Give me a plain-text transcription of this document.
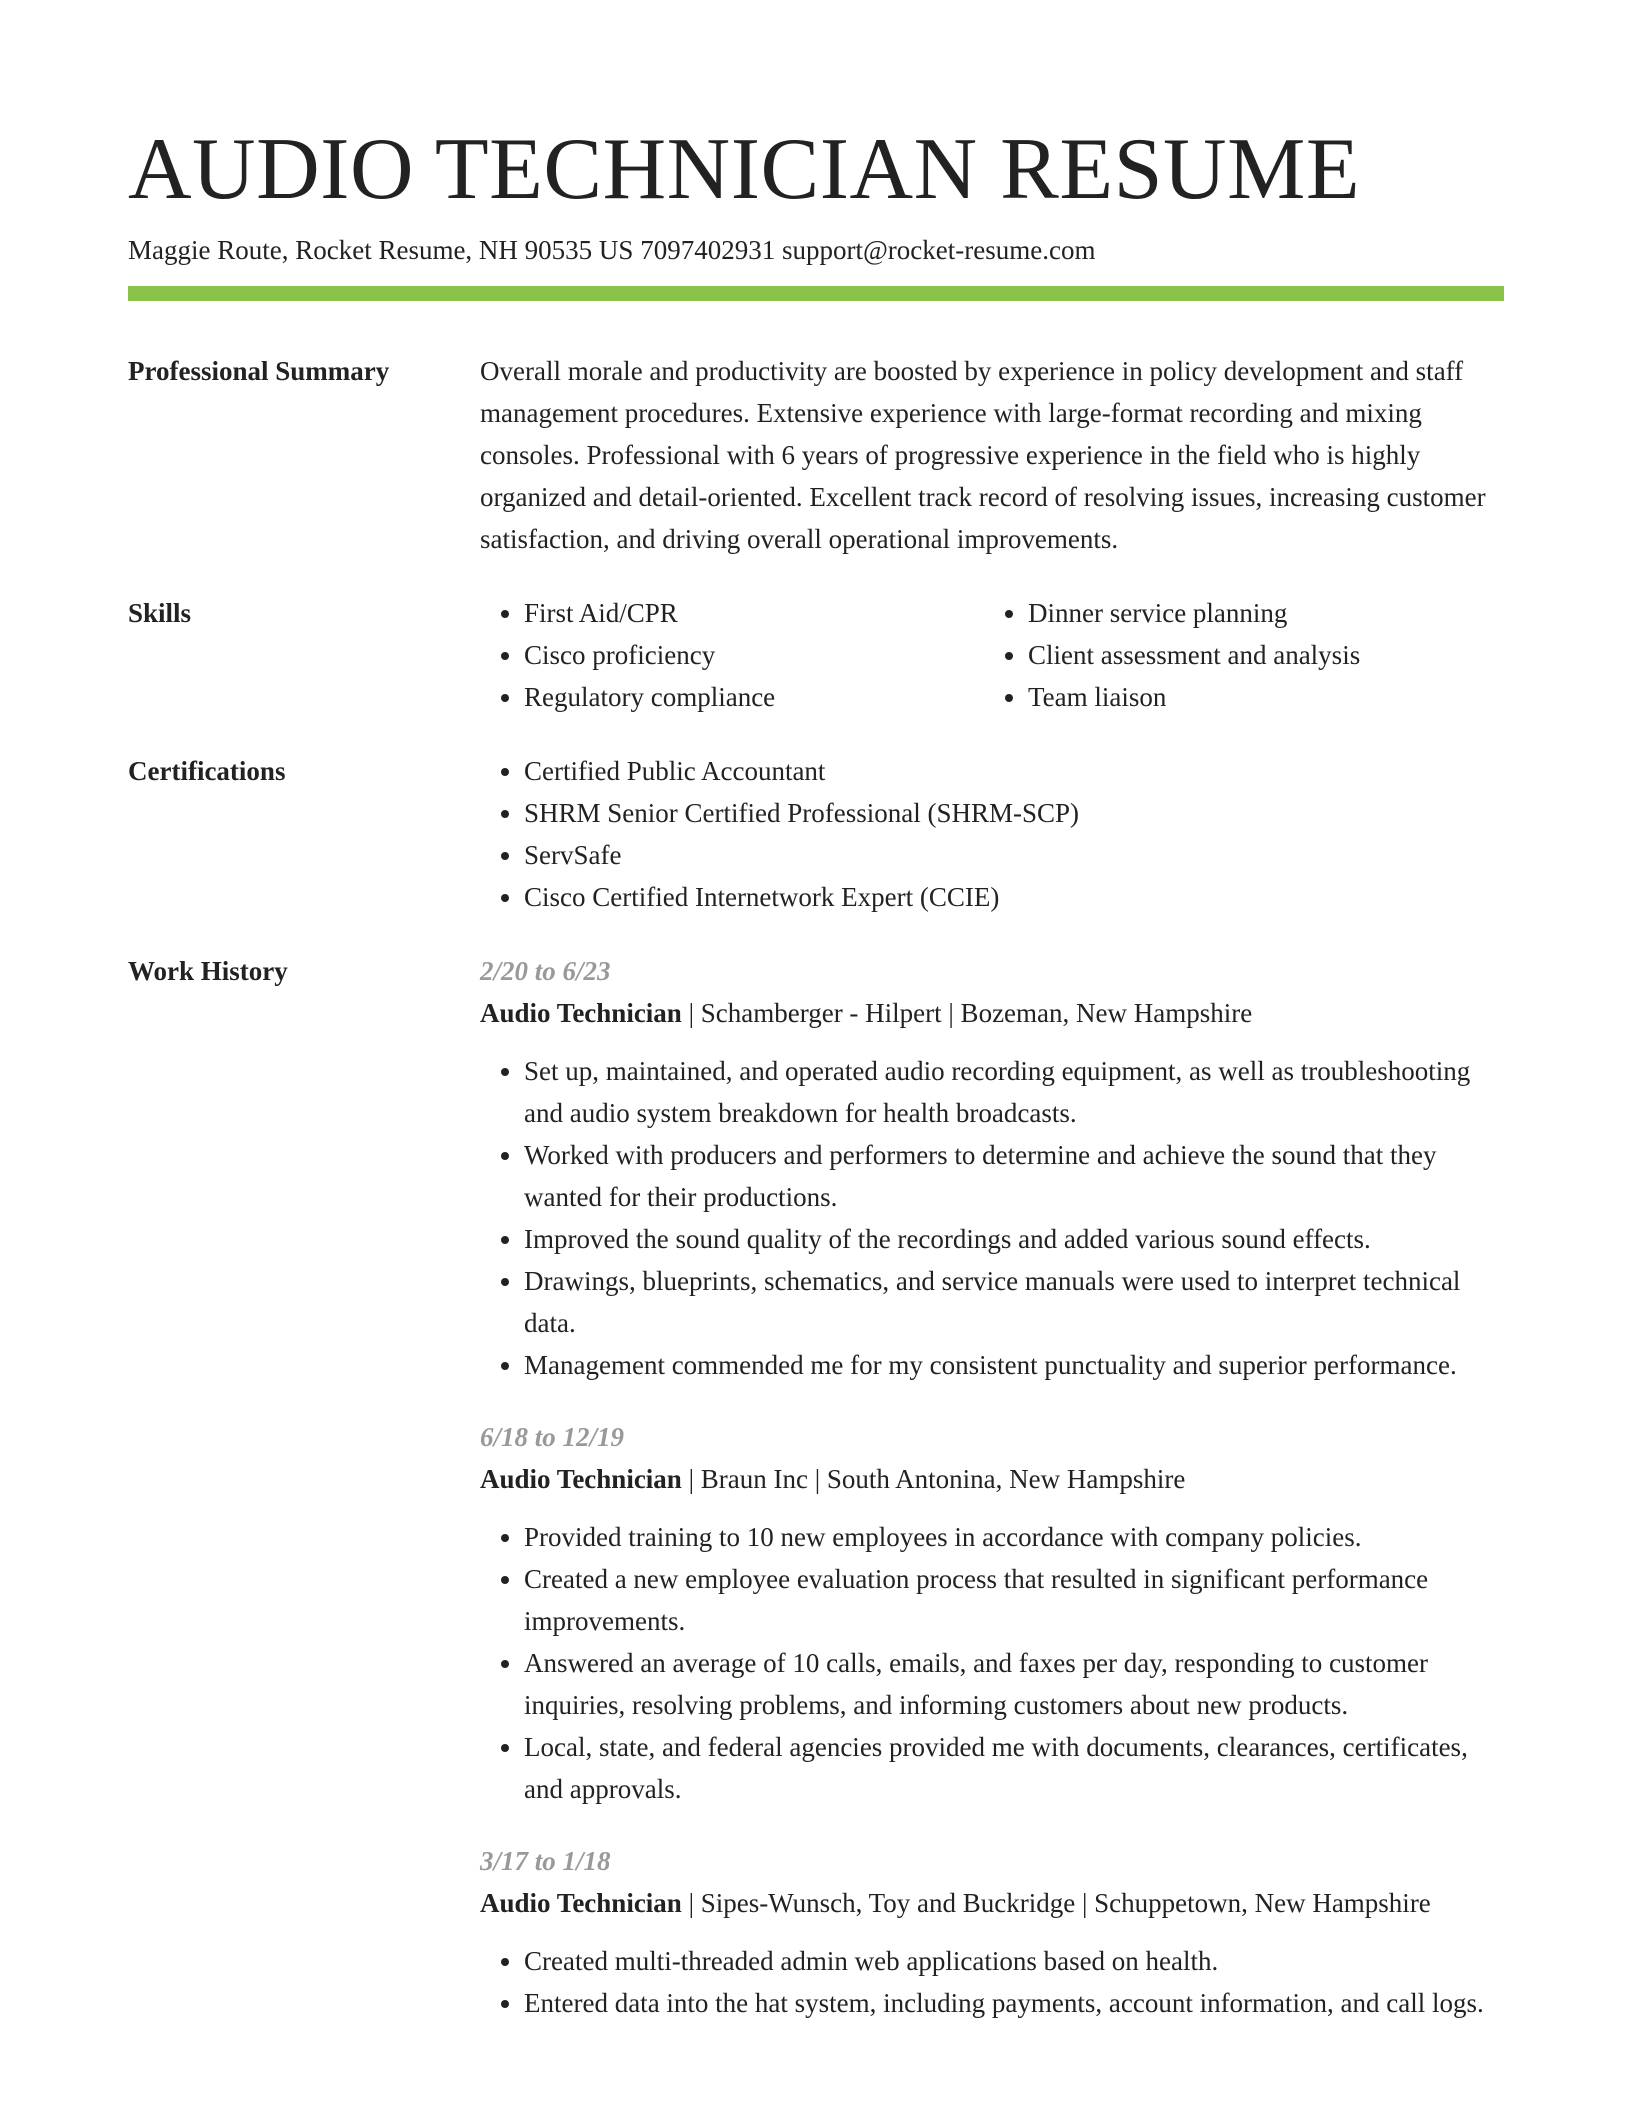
AUDIO TECHNICIAN RESUME
Maggie Route, Rocket Resume, NH 90535 US 7097402931 support@rocket-resume.com
Professional Summary	Overall morale and productivity are boosted by experience in policy development and staff management procedures. Extensive experience with large-format recording and mixing consoles. Professional with 6 years of progressive experience in the field who is highly organized and detail-oriented. Excellent track record of resolving issues, increasing customer satisfaction, and driving overall operational improvements.
Skills	• First Aid/CPR
• Cisco proficiency
• Regulatory compliance
• Dinner service planning
• Client assessment and analysis
• Team liaison
Certifications	• Certified Public Accountant
• SHRM Senior Certified Professional (SHRM-SCP)
• ServSafe
• Cisco Certified Internetwork Expert (CCIE)
Work History	2/20 to 6/23
Audio Technician | Schamberger - Hilpert | Bozeman, New Hampshire
• Set up, maintained, and operated audio recording equipment, as well as troubleshooting and audio system breakdown for health broadcasts.
• Worked with producers and performers to determine and achieve the sound that they wanted for their productions.
• Improved the sound quality of the recordings and added various sound effects.
• Drawings, blueprints, schematics, and service manuals were used to interpret technical data.
• Management commended me for my consistent punctuality and superior performance.
6/18 to 12/19
Audio Technician | Braun Inc | South Antonina, New Hampshire
• Provided training to 10 new employees in accordance with company policies.
• Created a new employee evaluation process that resulted in significant performance improvements.
• Answered an average of 10 calls, emails, and faxes per day, responding to customer inquiries, resolving problems, and informing customers about new products.
• Local, state, and federal agencies provided me with documents, clearances, certificates, and approvals.
3/17 to 1/18
Audio Technician | Sipes-Wunsch, Toy and Buckridge | Schuppetown, New Hampshire
• Created multi-threaded admin web applications based on health.
• Entered data into the hat system, including payments, account information, and call logs.
